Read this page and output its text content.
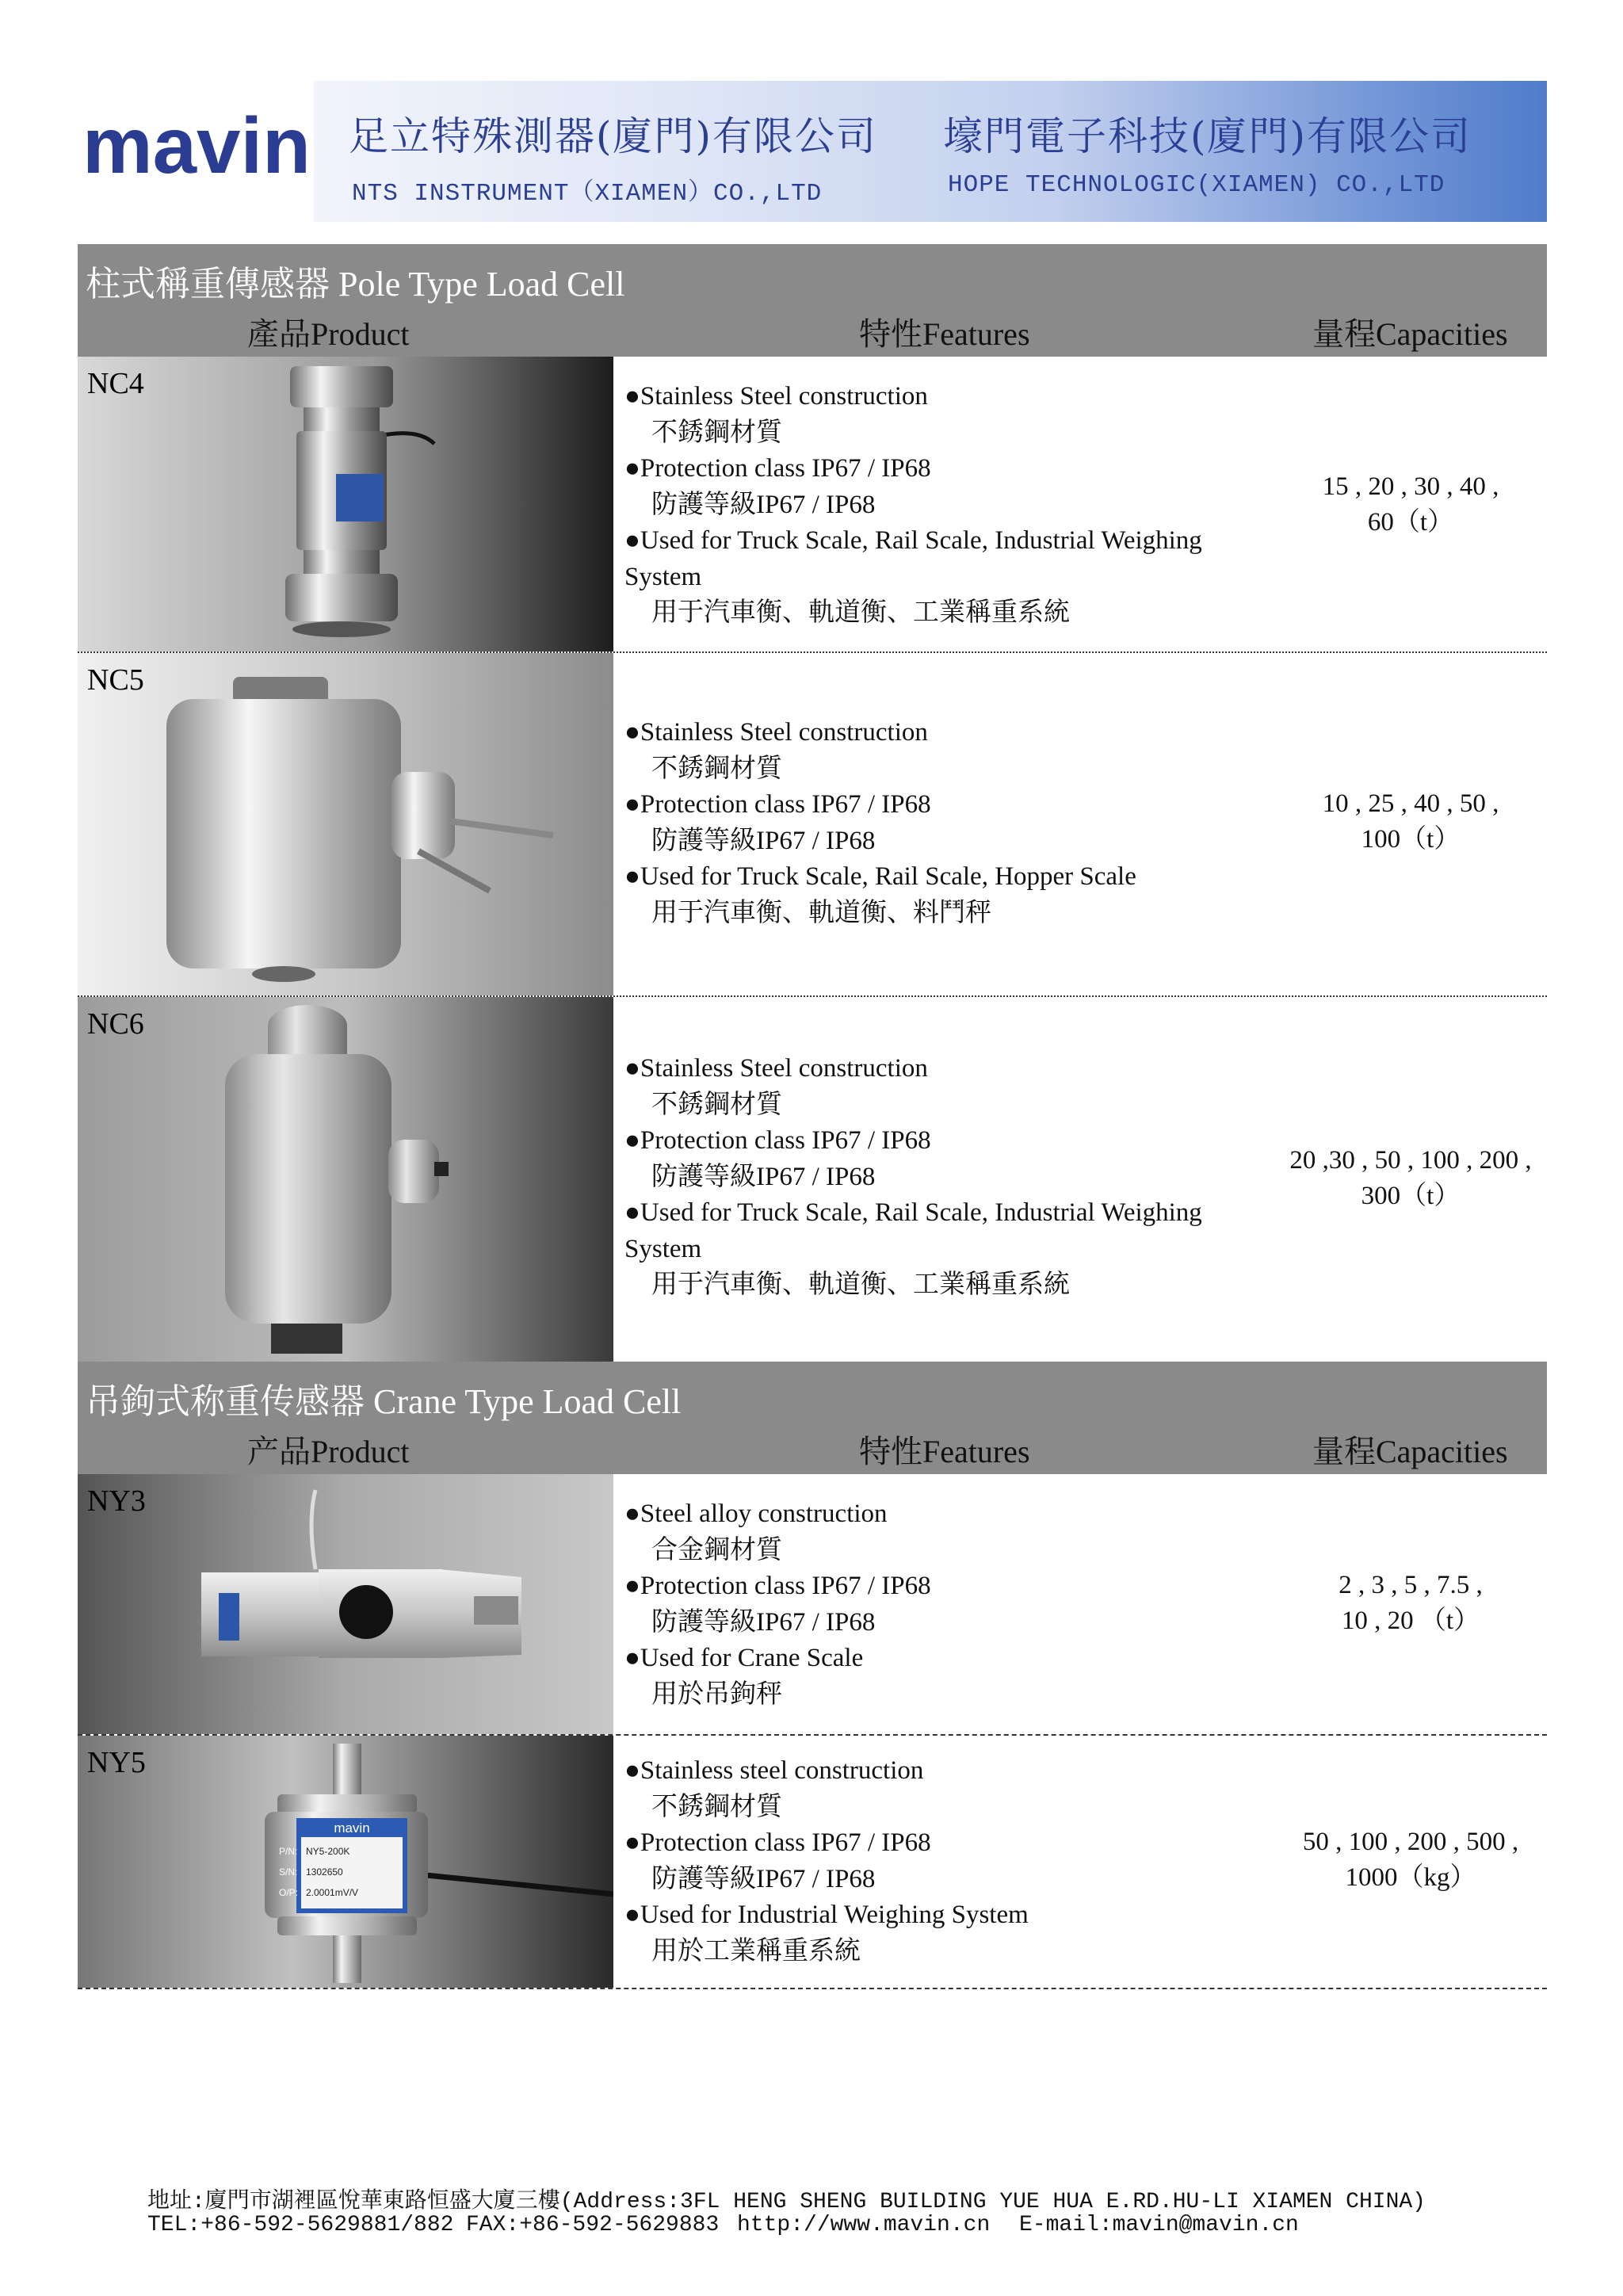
mavin 足立特殊測器(廈門)有限公司
NTS INSTRUMENT（XIAMEN）CO.,LTD
壕門電子科技(廈門)有限公司
HOPE TECHNOLOGIC(XIAMEN) CO.,LTD
柱式稱重傳感器 Pole Type Load Cell
產品Product	特性Features	量程Capacities
NC4	●Stainless Steel construction
不銹鋼材質
●Protection class IP67 / IP68
防護等級IP67 / IP68
●Used for Truck Scale, Rail Scale, Industrial Weighing
System
用于汽車衡、軌道衡、工業稱重系統
15 , 20 , 30 , 40 ,
60（t）
NC5
●Stainless Steel construction
不銹鋼材質
●Protection class IP67 / IP68
防護等級IP67 / IP68
●Used for Truck Scale, Rail Scale, Hopper Scale
用于汽車衡、軌道衡、料鬥秤
10 , 25 , 40 , 50 ,
100（t）
NC6
●Stainless Steel construction
不銹鋼材質
●Protection class IP67 / IP68
防護等級IP67 / IP68
●Used for Truck Scale, Rail Scale, Industrial Weighing
System
用于汽車衡、軌道衡、工業稱重系統
20 ,30 , 50 , 100 , 200 ,
300（t）
吊鉤式称重传感器 Crane Type Load Cell
产品Product	特性Features	量程Capacities
NY3	●Steel alloy construction
合金鋼材質
●Protection class IP67 / IP68
防護等級IP67 / IP68
●Used for Crane Scale
用於吊鉤秤
2 , 3 , 5 , 7.5 ,
10 , 20 （t）
mavin
P/N: NY5-200K
S/N: 1302650
O/P: 2.0001mV/V
NY5	●Stainless steel construction
不銹鋼材質
●Protection class IP67 / IP68
防護等級IP67 / IP68
●Used for Industrial Weighing System
用於工業稱重系統
50 , 100 , 200 , 500 ,
1000（kg）
地址:廈門市湖裡區悅華東路恒盛大廈三樓(Address:3FL HENG SHENG BUILDING YUE HUA E.RD.HU-LI XIAMEN CHINA)
TEL:+86-592-5629881/882 FAX:+86-592-5629883 http://www.mavin.cn E-mail:mavin@mavin.cn
